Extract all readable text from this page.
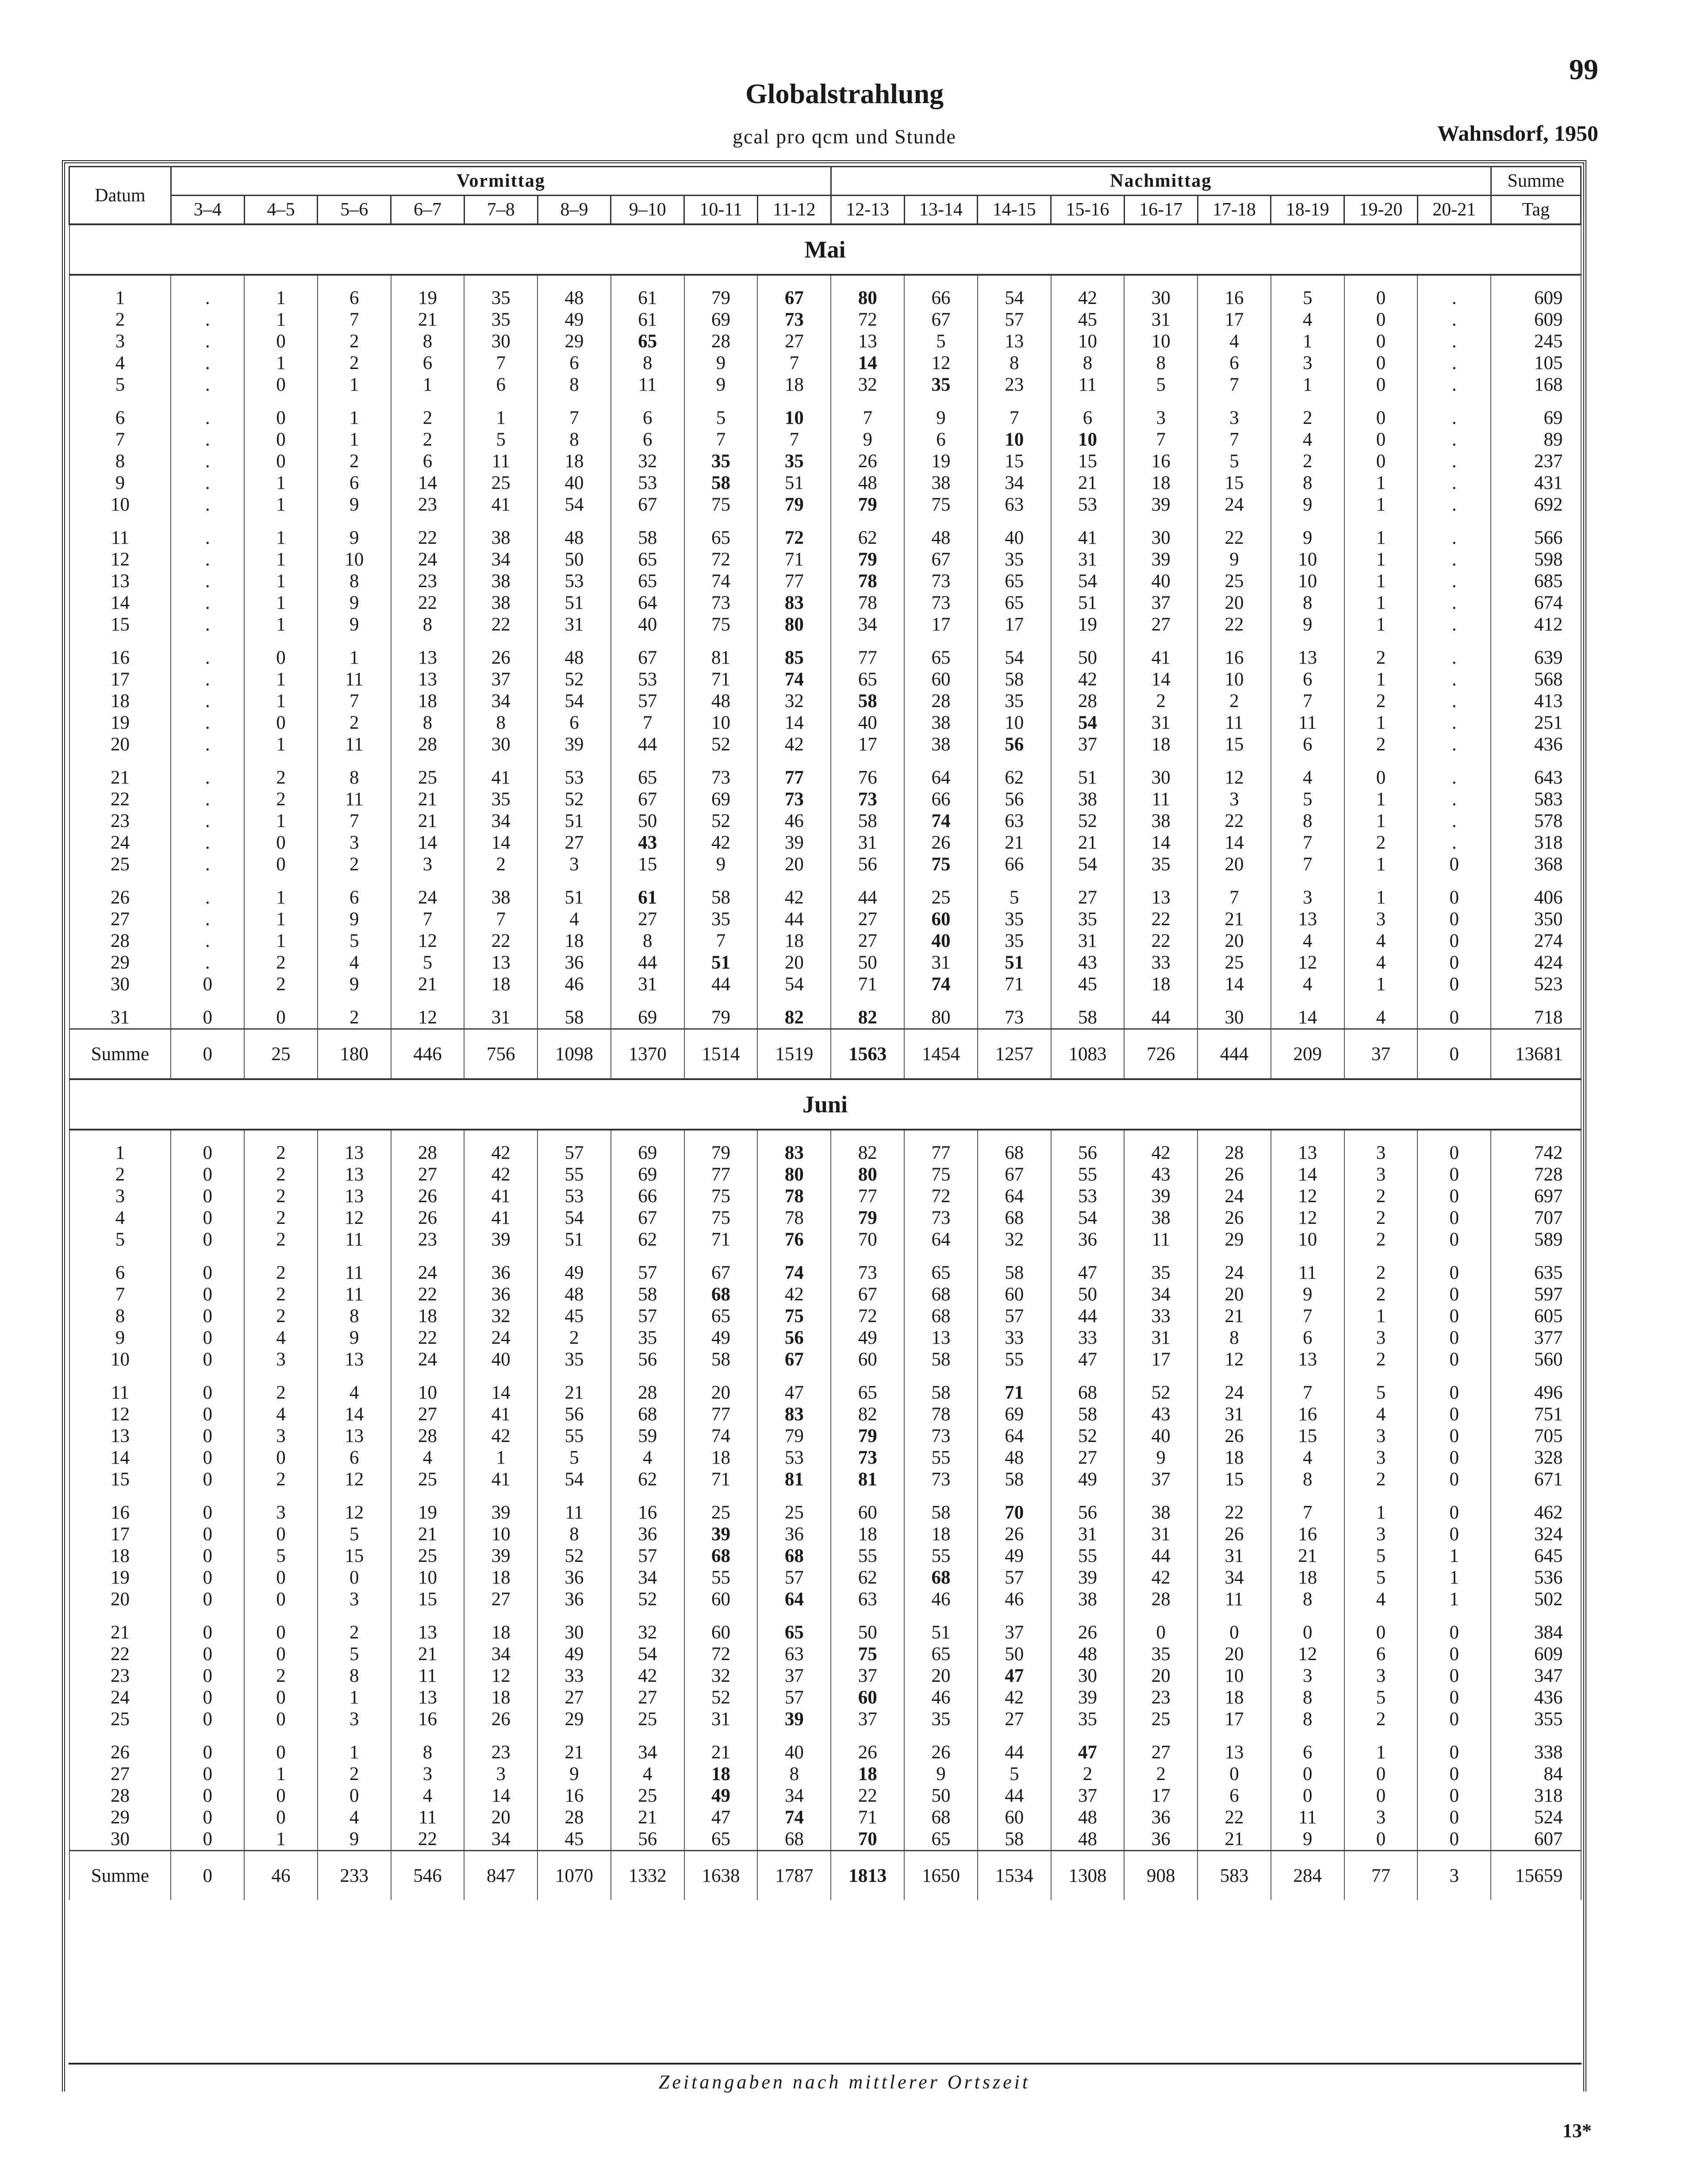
99
Globalstrahlung
gcal pro qcm und Stunde	Wahnsdorf, 1950
Datum	Vormittag									Nachmittag									Summe
	3–4	4–5	5–6	6–7	7–8	8–9	9–10	10-11	11-12	12-13	13-14	14-15	15-16	16-17	17-18	18-19	19-20	20-21	Tag
Mai																			

1	.	1	6	19	35	48	61	79	67	80	66	54	42	30	16	5	0	.	609
2	.	1	7	21	35	49	61	69	73	72	67	57	45	31	17	4	0	.	609
3	.	0	2	8	30	29	65	28	27	13	5	13	10	10	4	1	0	.	245
4	.	1	2	6	7	6	8	9	7	14	12	8	8	8	6	3	0	.	105
5	.	0	1	1	6	8	11	9	18	32	35	23	11	5	7	1	0	.	168

6	.	0	1	2	1	7	6	5	10	7	9	7	6	3	3	2	0	.	69
7	.	0	1	2	5	8	6	7	7	9	6	10	10	7	7	4	0	.	89
8	.	0	2	6	11	18	32	35	35	26	19	15	15	16	5	2	0	.	237
9	.	1	6	14	25	40	53	58	51	48	38	34	21	18	15	8	1	.	431
10	.	1	9	23	41	54	67	75	79	79	75	63	53	39	24	9	1	.	692

11	.	1	9	22	38	48	58	65	72	62	48	40	41	30	22	9	1	.	566
12	.	1	10	24	34	50	65	72	71	79	67	35	31	39	9	10	1	.	598
13	.	1	8	23	38	53	65	74	77	78	73	65	54	40	25	10	1	.	685
14	.	1	9	22	38	51	64	73	83	78	73	65	51	37	20	8	1	.	674
15	.	1	9	8	22	31	40	75	80	34	17	17	19	27	22	9	1	.	412

16	.	0	1	13	26	48	67	81	85	77	65	54	50	41	16	13	2	.	639
17	.	1	11	13	37	52	53	71	74	65	60	58	42	14	10	6	1	.	568
18	.	1	7	18	34	54	57	48	32	58	28	35	28	2	2	7	2	.	413
19	.	0	2	8	8	6	7	10	14	40	38	10	54	31	11	11	1	.	251
20	.	1	11	28	30	39	44	52	42	17	38	56	37	18	15	6	2	.	436

21	.	2	8	25	41	53	65	73	77	76	64	62	51	30	12	4	0	.	643
22	.	2	11	21	35	52	67	69	73	73	66	56	38	11	3	5	1	.	583
23	.	1	7	21	34	51	50	52	46	58	74	63	52	38	22	8	1	.	578
24	.	0	3	14	14	27	43	42	39	31	26	21	21	14	14	7	2	.	318
25	.	0	2	3	2	3	15	9	20	56	75	66	54	35	20	7	1	0	368

26	.	1	6	24	38	51	61	58	42	44	25	5	27	13	7	3	1	0	406
27	.	1	9	7	7	4	27	35	44	27	60	35	35	22	21	13	3	0	350
28	.	1	5	12	22	18	8	7	18	27	40	35	31	22	20	4	4	0	274
29	.	2	4	5	13	36	44	51	20	50	31	51	43	33	25	12	4	0	424
30	0	2	9	21	18	46	31	44	54	71	74	71	45	18	14	4	1	0	523

31	0	0	2	12	31	58	69	79	82	82	80	73	58	44	30	14	4	0	718
Summe	0	25	180	446	756	1098	1370	1514	1519	1563	1454	1257	1083	726	444	209	37	0	13681
Juni																			

1	0	2	13	28	42	57	69	79	83	82	77	68	56	42	28	13	3	0	742
2	0	2	13	27	42	55	69	77	80	80	75	67	55	43	26	14	3	0	728
3	0	2	13	26	41	53	66	75	78	77	72	64	53	39	24	12	2	0	697
4	0	2	12	26	41	54	67	75	78	79	73	68	54	38	26	12	2	0	707
5	0	2	11	23	39	51	62	71	76	70	64	32	36	11	29	10	2	0	589

6	0	2	11	24	36	49	57	67	74	73	65	58	47	35	24	11	2	0	635
7	0	2	11	22	36	48	58	68	42	67	68	60	50	34	20	9	2	0	597
8	0	2	8	18	32	45	57	65	75	72	68	57	44	33	21	7	1	0	605
9	0	4	9	22	24	2	35	49	56	49	13	33	33	31	8	6	3	0	377
10	0	3	13	24	40	35	56	58	67	60	58	55	47	17	12	13	2	0	560

11	0	2	4	10	14	21	28	20	47	65	58	71	68	52	24	7	5	0	496
12	0	4	14	27	41	56	68	77	83	82	78	69	58	43	31	16	4	0	751
13	0	3	13	28	42	55	59	74	79	79	73	64	52	40	26	15	3	0	705
14	0	0	6	4	1	5	4	18	53	73	55	48	27	9	18	4	3	0	328
15	0	2	12	25	41	54	62	71	81	81	73	58	49	37	15	8	2	0	671

16	0	3	12	19	39	11	16	25	25	60	58	70	56	38	22	7	1	0	462
17	0	0	5	21	10	8	36	39	36	18	18	26	31	31	26	16	3	0	324
18	0	5	15	25	39	52	57	68	68	55	55	49	55	44	31	21	5	1	645
19	0	0	0	10	18	36	34	55	57	62	68	57	39	42	34	18	5	1	536
20	0	0	3	15	27	36	52	60	64	63	46	46	38	28	11	8	4	1	502

21	0	0	2	13	18	30	32	60	65	50	51	37	26	0	0	0	0	0	384
22	0	0	5	21	34	49	54	72	63	75	65	50	48	35	20	12	6	0	609
23	0	2	8	11	12	33	42	32	37	37	20	47	30	20	10	3	3	0	347
24	0	0	1	13	18	27	27	52	57	60	46	42	39	23	18	8	5	0	436
25	0	0	3	16	26	29	25	31	39	37	35	27	35	25	17	8	2	0	355

26	0	0	1	8	23	21	34	21	40	26	26	44	47	27	13	6	1	0	338
27	0	1	2	3	3	9	4	18	8	18	9	5	2	2	0	0	0	0	84
28	0	0	0	4	14	16	25	49	34	22	50	44	37	17	6	0	0	0	318
29	0	0	4	11	20	28	21	47	74	71	68	60	48	36	22	11	3	0	524
30	0	1	9	22	34	45	56	65	68	70	65	58	48	36	21	9	0	0	607
Summe	0	46	233	546	847	1070	1332	1638	1787	1813	1650	1534	1308	908	583	284	77	3	15659
Zeitangaben nach mittlerer Ortszeit
13*
